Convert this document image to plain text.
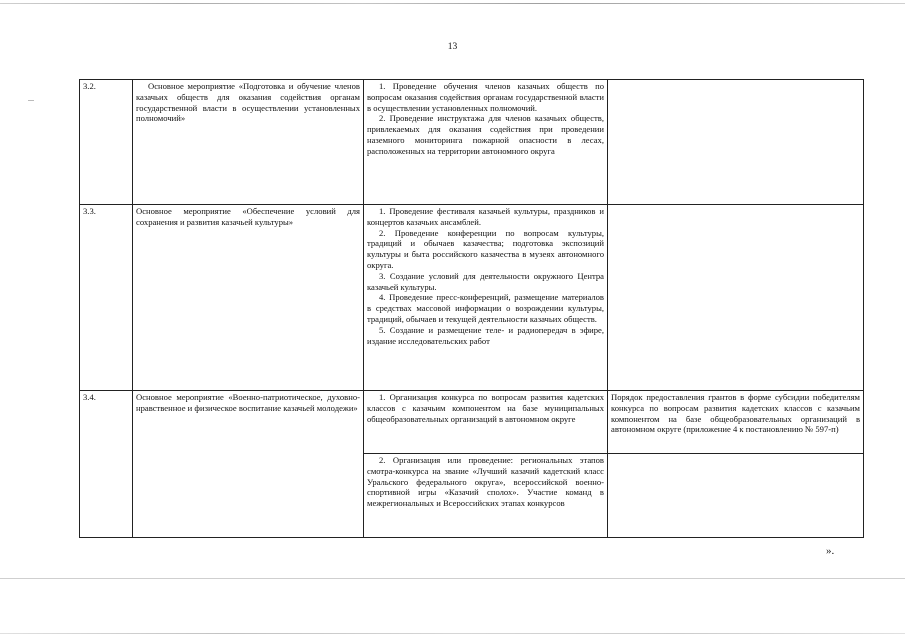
13
3.2.	Основное мероприятие «Подготовка и обучение членов казачьих обществ для оказания содействия органам государственной власти в осуществлении установленных полномочий»	1. Проведение обучения членов казачьих обществ по вопросам оказания содействия органам государственной власти в осуществлении установленных полномочий.

2. Проведение инструктажа для членов казачьих обществ, привлекаемых для оказания содействия при проведении наземного мониторинга пожарной опасности в лесах, расположенных на территории автономного округа	

3.3.	Основное мероприятие «Обеспечение условий для сохранения и развития казачьей культуры»	1. Проведение фестиваля казачьей культуры, праздников и концертов казачьих ансамблей.

2. Проведение конференции по вопросам культуры, традиций и обычаев казачества; подготовка экспозиций культуры и быта российского казачества в музеях автономного округа.

3. Создание условий для деятельности окружного Центра казачьей культуры.

4. Проведение пресс-конференций, размещение материалов в средствах массовой информации о возрождении культуры, традиций, обычаев и текущей деятельности казачьих обществ.

5. Создание и размещение теле- и радиопередач в эфире, издание исследовательских работ	

3.4.	Основное мероприятие «Военно-патриотическое, духовно-нравственное и физическое воспитание казачьей молодежи»	1. Организация конкурса по вопросам развития кадетских классов с казачьим компонентом на базе муниципальных общеобразовательных организаций в автономном округе	Порядок предоставления грантов в форме субсидии победителям конкурса по вопросам развития кадетских классов с казачьим компонентом на базе общеобразовательных организаций в автономном округе (приложение 4 к постановлению № 597-п)

		2. Организация или проведение: региональных этапов смотра-конкурса на звание «Лучший казачий кадетский класс Уральского федерального округа», всероссийской военно-спортивной игры «Казачий сполох». Участие команд в межрегиональных и Всероссийских этапах конкурсов	

».
